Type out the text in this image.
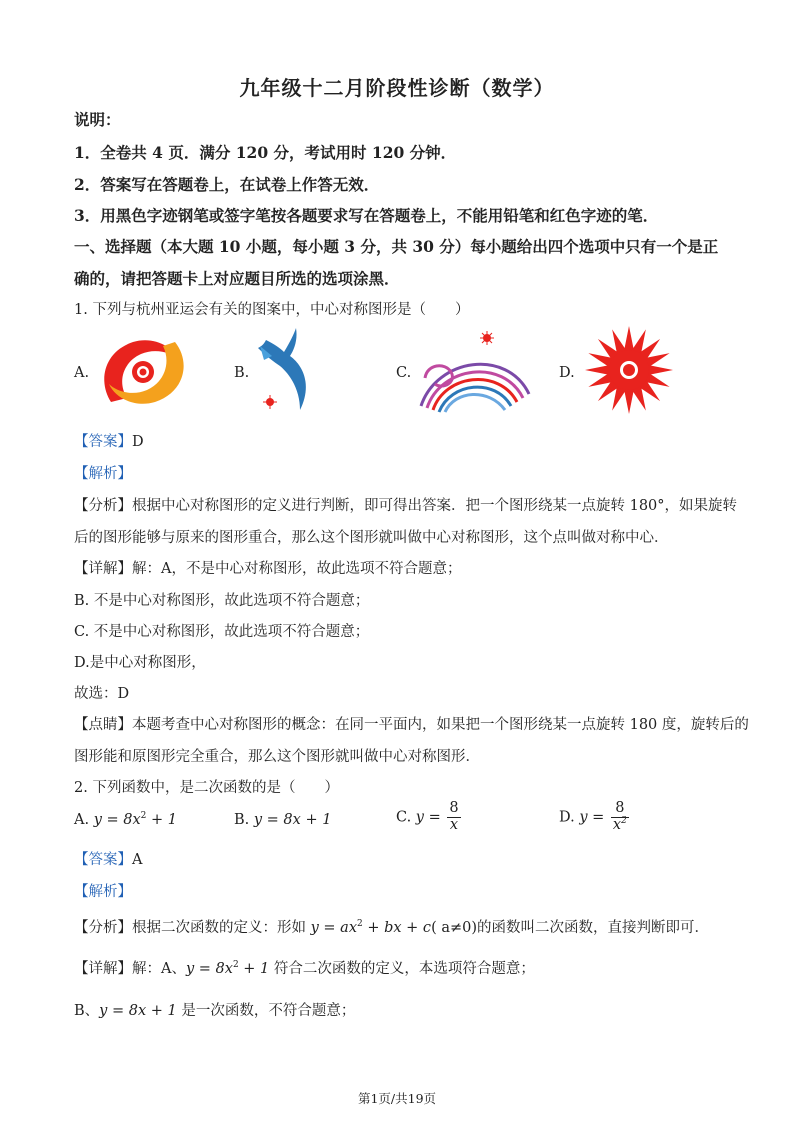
九年级十二月阶段性诊断（数学）
说明：
1．全卷共 4 页．满分 120 分，考试用时 120 分钟．
2．答案写在答题卷上，在试卷上作答无效．
3．用黑色字迹钢笔或签字笔按各题要求写在答题卷上，不能用铅笔和红色字迹的笔．
一、选择题（本大题 10 小题，每小题 3 分，共 30 分）每小题给出四个选项中只有一个是正
确的，请把答题卡上对应题目所选的选项涂黑．
1. 下列与杭州亚运会有关的图案中，中心对称图形是（　　）
A.	B.	C.	D.
【答案】D
【解析】
【分析】根据中心对称图形的定义进行判断，即可得出答案．把一个图形绕某一点旋转 180°，如果旋转
后的图形能够与原来的图形重合，那么这个图形就叫做中心对称图形，这个点叫做对称中心．
【详解】解：A，不是中心对称图形，故此选项不符合题意；
B. 不是中心对称图形，故此选项不符合题意；
C. 不是中心对称图形，故此选项不符合题意；
D.是中心对称图形，
故选：D
【点睛】本题考查中心对称图形的概念：在同一平面内，如果把一个图形绕某一点旋转 180 度，旋转后的
图形能和原图形完全重合，那么这个图形就叫做中心对称图形．
2. 下列函数中，是二次函数的是（　　）
A. $y = 8x^2 + 1$	B. y = 8x + 1	C. $y = \frac{8}{x}$	D. $y = \frac{8}{x^2}$
【答案】A
【解析】
【分析】根据二次函数的定义：形如 $y = ax^2$ + bx + c( a≠0)的函数叫二次函数，直接判断即可．
【详解】解：A、$y = 8x^2 + 1$ 符合二次函数的定义，本选项符合题意；
B、y = 8x + 1 是一次函数，不符合题意；
第1页/共19页
